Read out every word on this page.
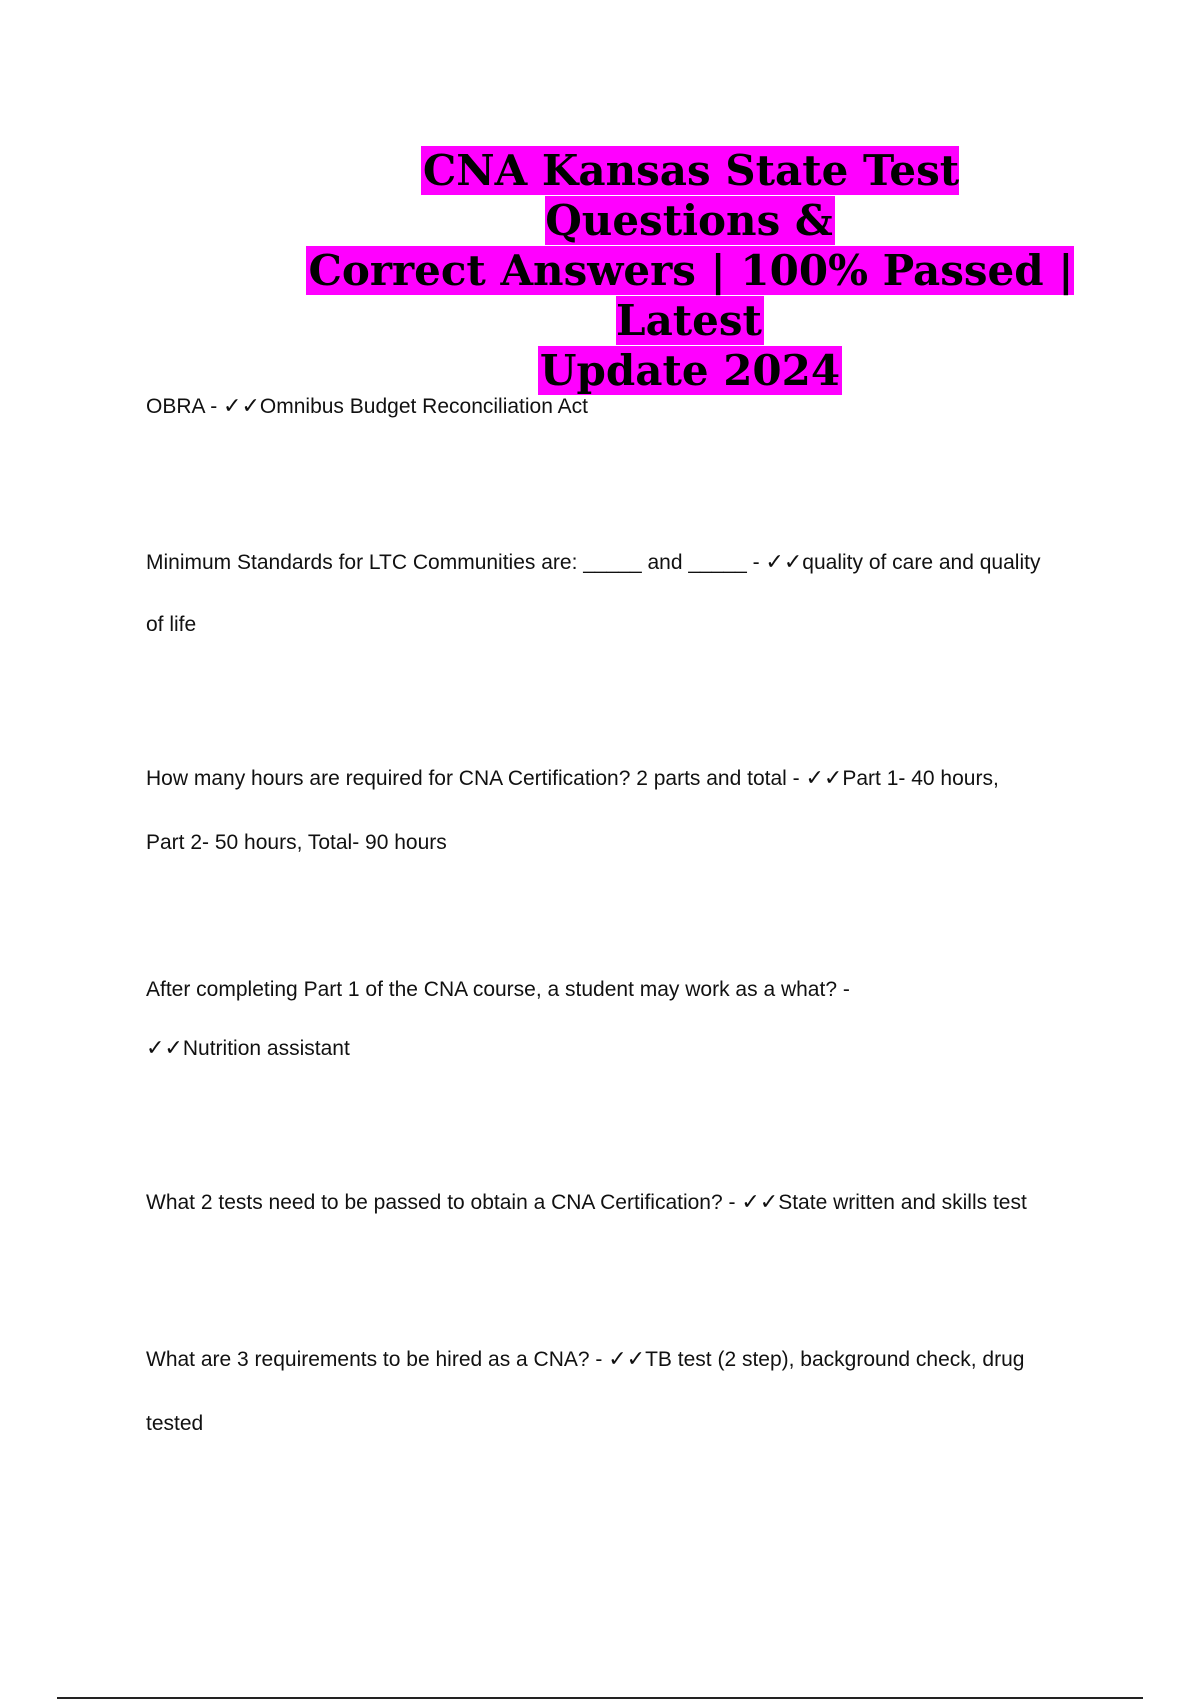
CNA Kansas State Test Questions &
Correct Answers | 100% Passed | Latest
Update 2024
OBRA - ✓✓Omnibus Budget Reconciliation Act
Minimum Standards for LTC Communities are: _____ and _____ - ✓✓quality of care and quality
of life
How many hours are required for CNA Certification? 2 parts and total - ✓✓Part 1- 40 hours,
Part 2- 50 hours, Total- 90 hours
After completing Part 1 of the CNA course, a student may work as a what? -
✓✓Nutrition assistant
What 2 tests need to be passed to obtain a CNA Certification? - ✓✓State written and skills test
What are 3 requirements to be hired as a CNA? - ✓✓TB test (2 step), background check, drug
tested
